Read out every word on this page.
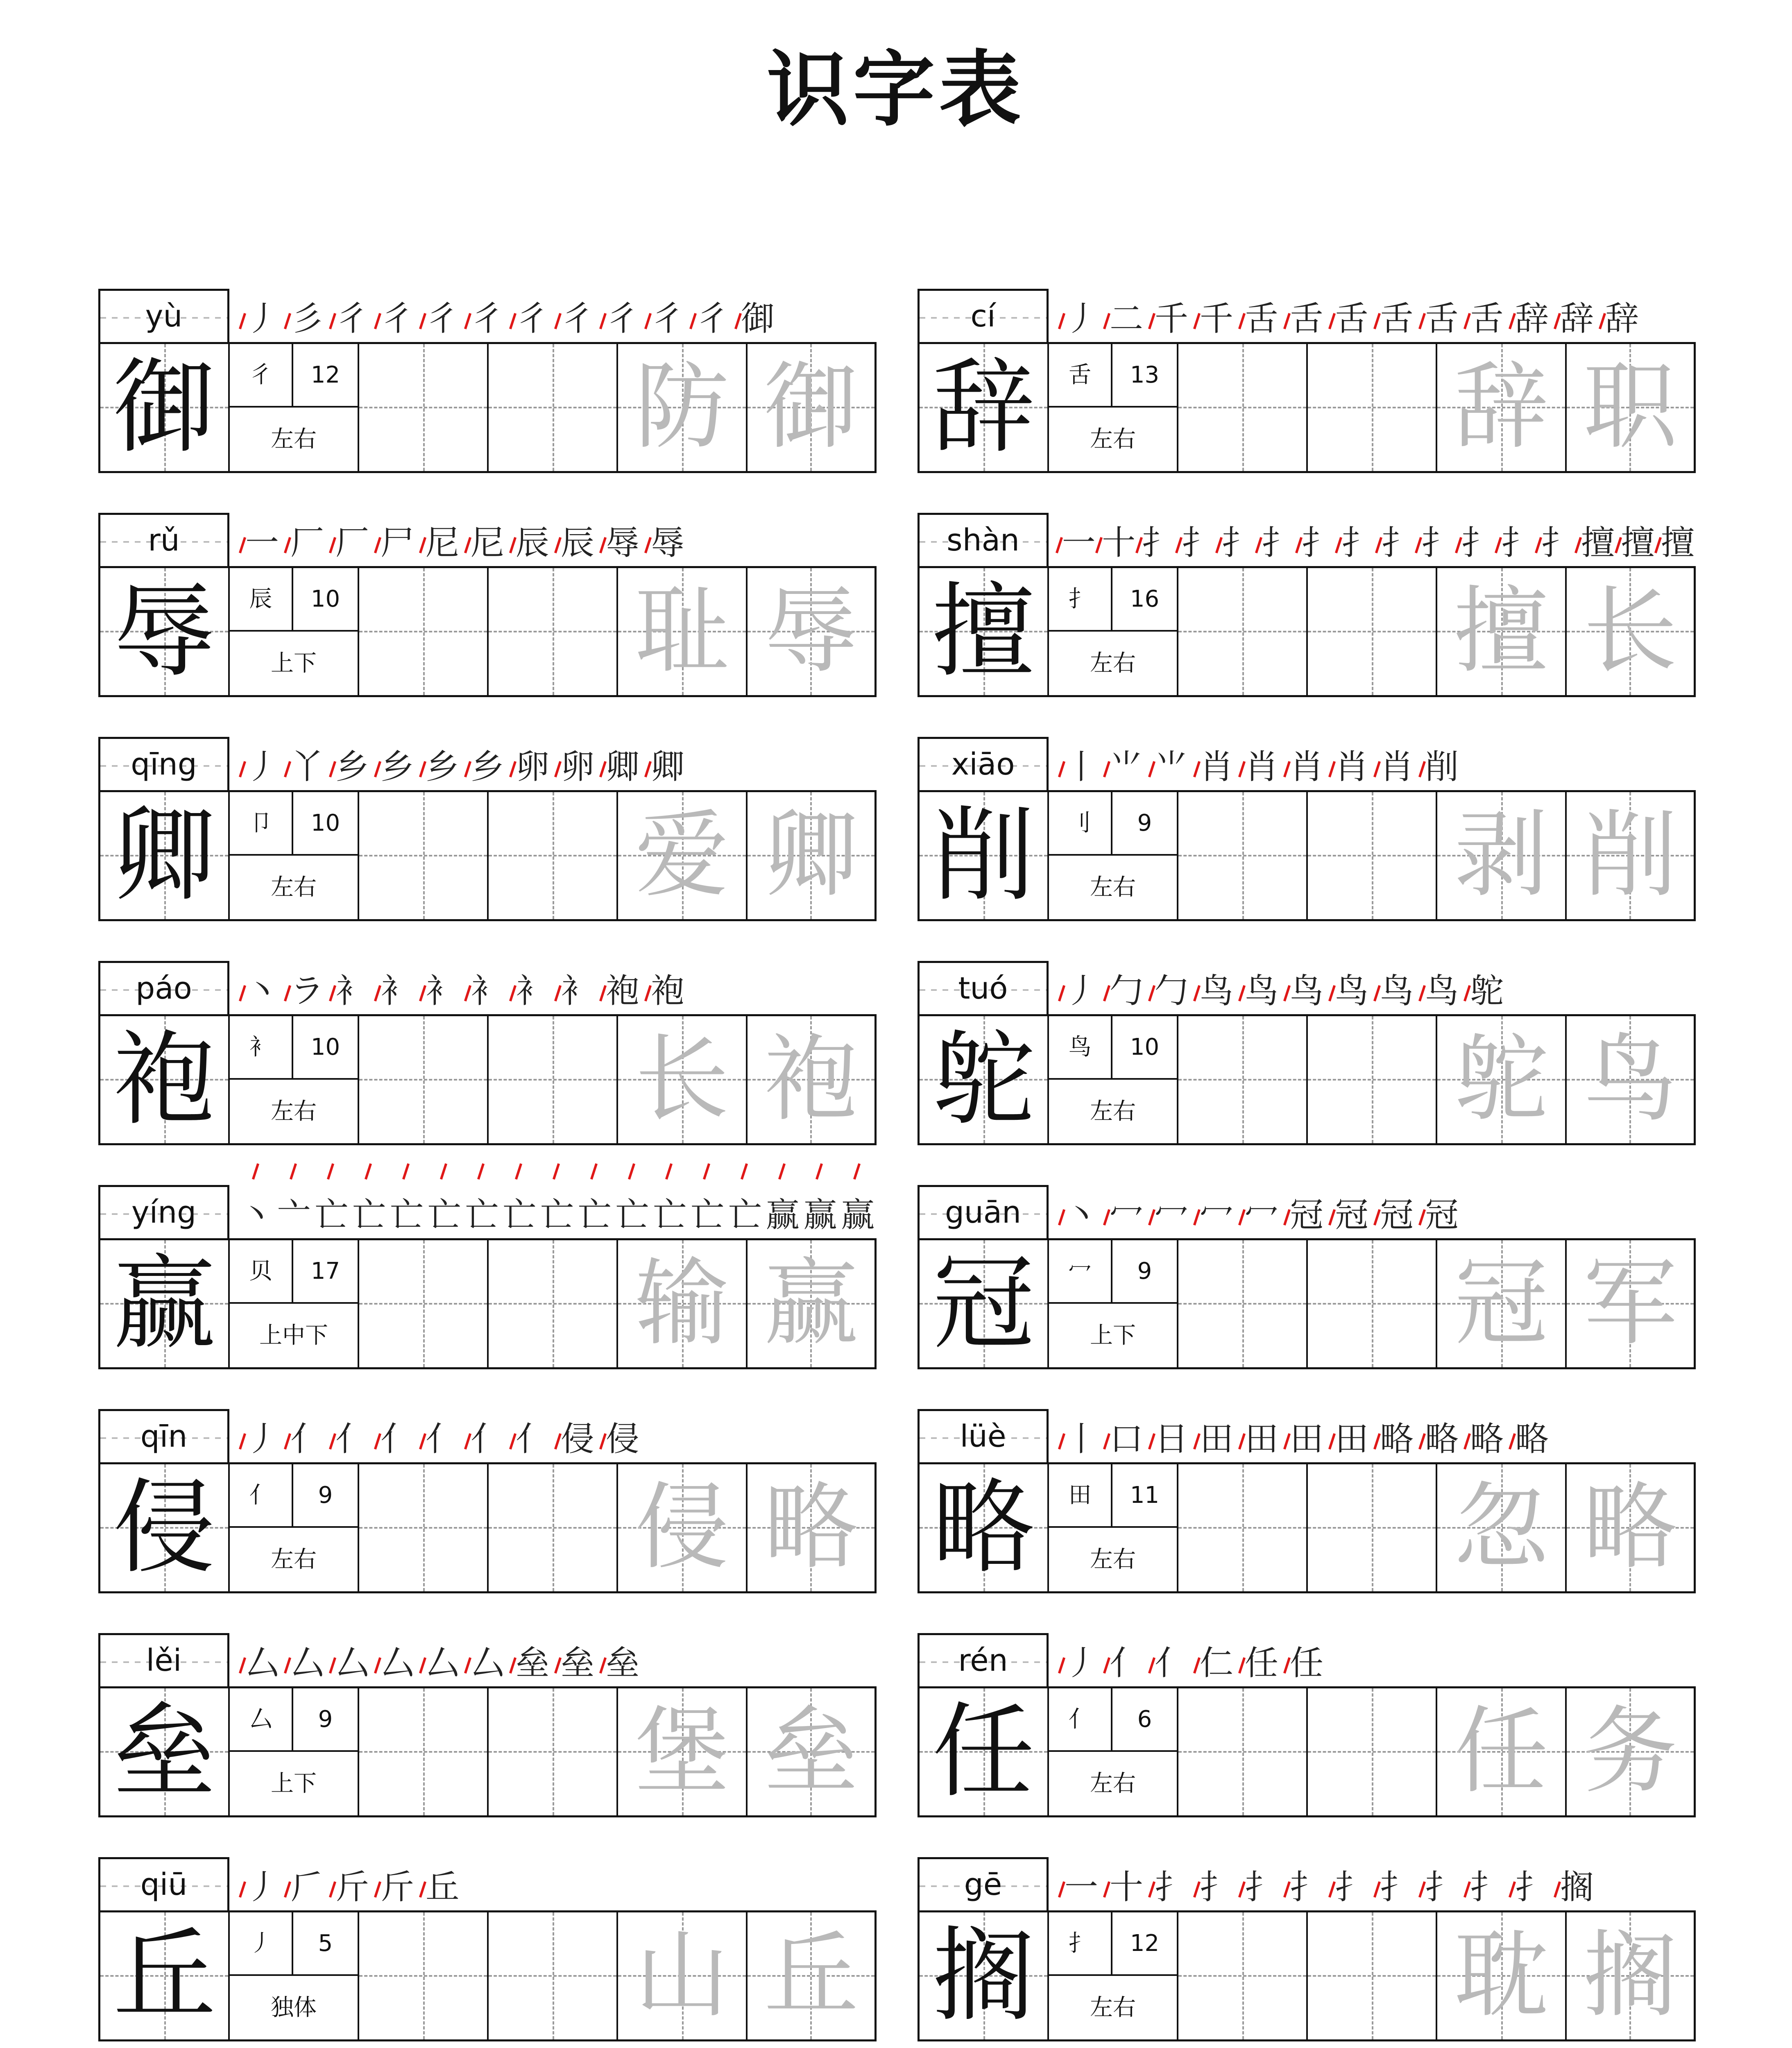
识字表
yù	丿 彡 彳 彳 彳 彳 彳 彳 彳 彳 彳 御
御	彳	12
左右	防 御
rǔ	一 厂 厂 尸 尼 尼 辰 辰 辱 辱
辱	辰	10
上下	耻 辱
qīng	丿 丫 乡 乡 乡 乡 卵 卵 卿 卿
卿	卩	10
左右	爱 卿
páo	丶 ラ 衤 衤 衤 衤 衤 衤 袍 袍
袍	衤	10
左右	长 袍
yíng	丶 亠 亡 亡 亡 亡 亡 亡 亡 亡 亡 亡 亡 亡 赢 赢 赢
赢	贝	17
上中下	输 赢
qīn	丿 亻 亻 亻 亻 亻 亻 侵 侵
侵	亻	9
左右	侵 略
lěi	厶 厶 厶 厶 厶 厶 垒 垒 垒
垒	厶	9
上下	堡 垒
qiū	丿 𠂆 斤 斤 丘
丘	丿	5
独体	山 丘
cí	丿 二 千 千 舌 舌 舌 舌 舌 舌 辞 辞 辞
辞	舌	13
左右	辞 职
shàn	一 十 扌 扌 扌 扌 扌 扌 扌 扌 扌 扌 扌 擅 擅 擅
擅	扌	16
左右	擅 长
xiāo	丨 ⺌ ⺌ 肖 肖 肖 肖 肖 削
削	刂	9
左右	剥 削
tuó	丿 勹 勹 鸟 鸟 鸟 鸟 鸟 鸟 鸵
鸵	鸟	10
左右	鸵 鸟
guān	丶 冖 冖 冖 冖 冠 冠 冠 冠
冠	冖	9
上下	冠 军
lüè	丨 口 日 田 田 田 田 略 略 略 略
略	田	11
左右	忽 略
rén	丿 亻 亻 仁 任 任
任	亻	6
左右	任 务
gē	一 十 扌 扌 扌 扌 扌 扌 扌 扌 扌 搁
搁	扌	12
左右	耽 搁
